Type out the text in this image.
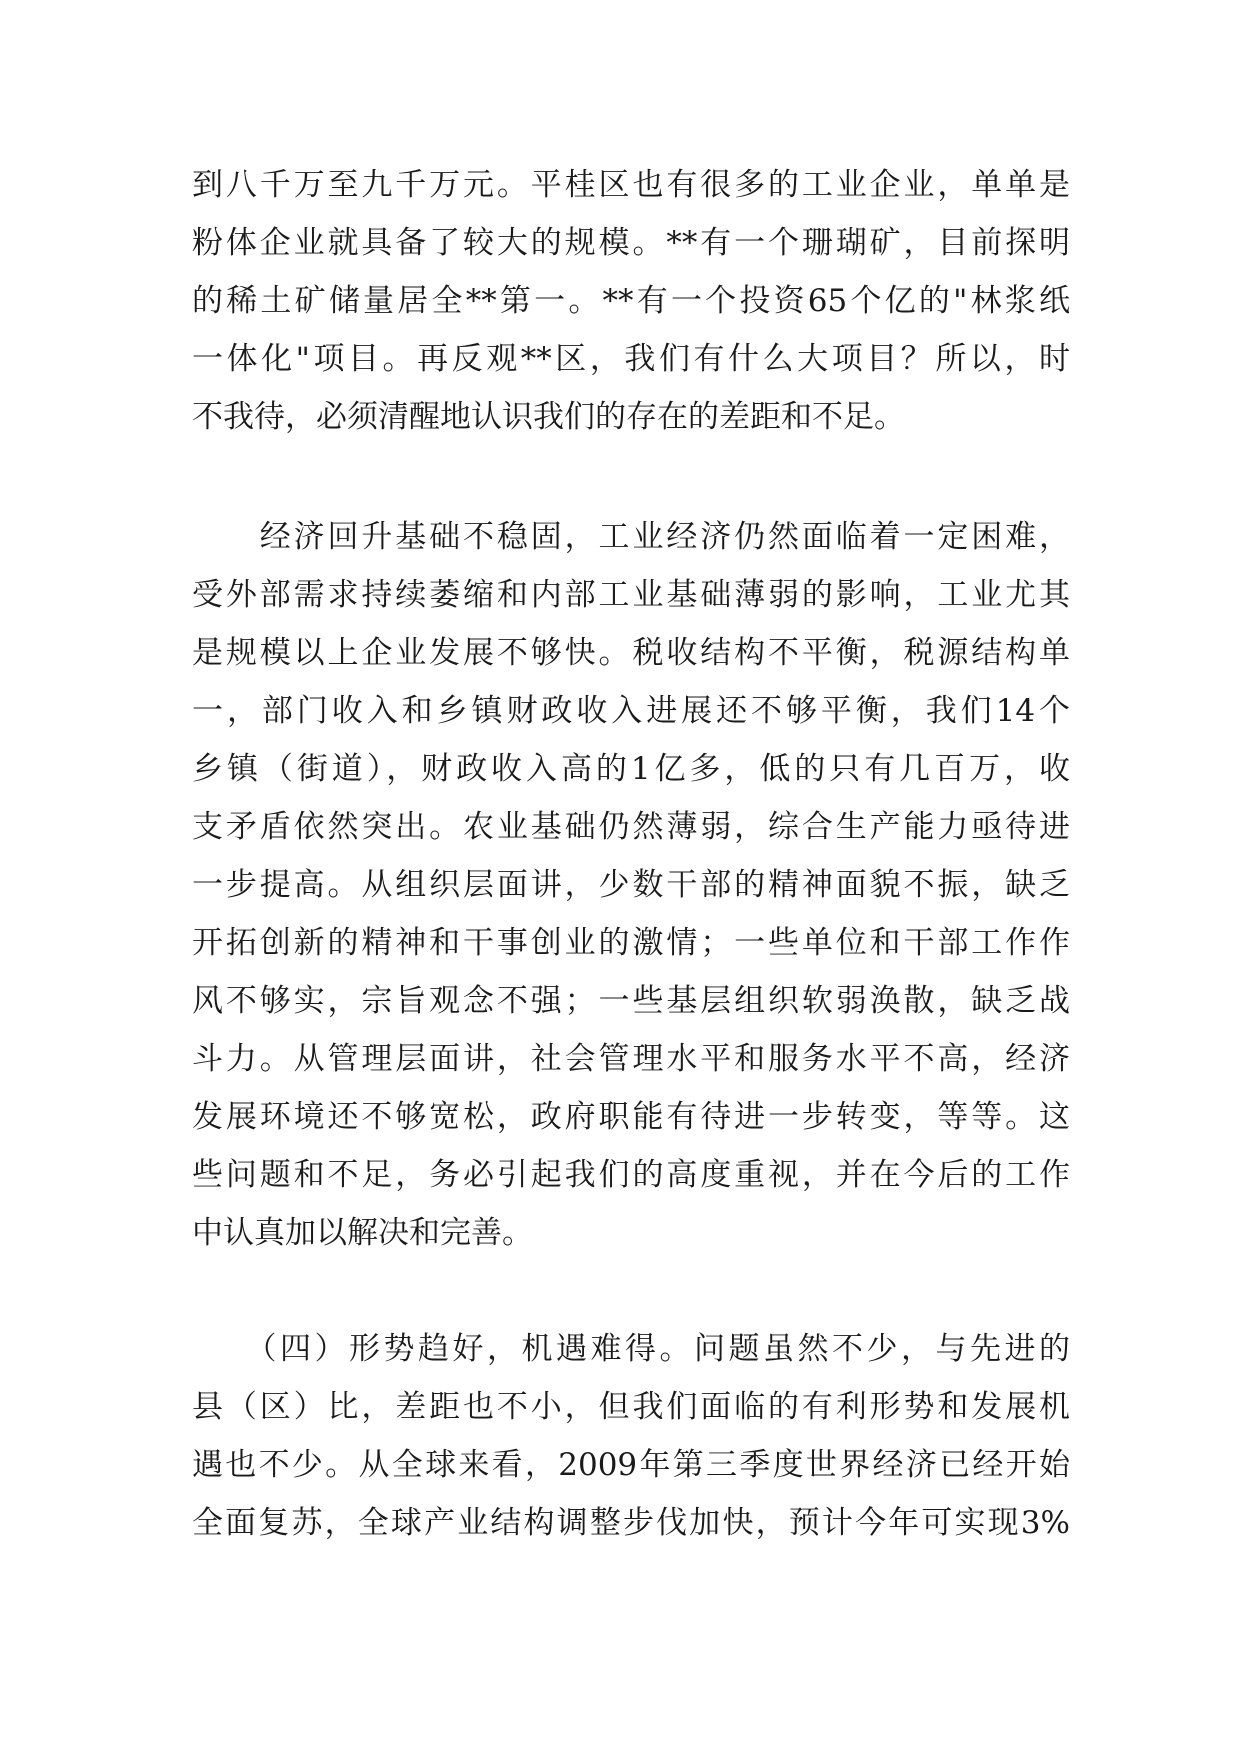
到八千万至九千万元。平桂区也有很多的工业企业，单单是
粉体企业就具备了较大的规模。**有一个珊瑚矿，目前探明
的稀土矿储量居全**第一。**有一个投资65个亿的"林浆纸
一体化"项目。再反观**区，我们有什么大项目？所以，时
不我待，必须清醒地认识我们的存在的差距和不足。
　　经济回升基础不稳固，工业经济仍然面临着一定困难，
受外部需求持续萎缩和内部工业基础薄弱的影响，工业尤其
是规模以上企业发展不够快。税收结构不平衡，税源结构单
一，部门收入和乡镇财政收入进展还不够平衡，我们14个
乡镇（街道），财政收入高的1亿多，低的只有几百万，收
支矛盾依然突出。农业基础仍然薄弱，综合生产能力亟待进
一步提高。从组织层面讲，少数干部的精神面貌不振，缺乏
开拓创新的精神和干事创业的激情；一些单位和干部工作作
风不够实，宗旨观念不强；一些基层组织软弱涣散，缺乏战
斗力。从管理层面讲，社会管理水平和服务水平不高，经济
发展环境还不够宽松，政府职能有待进一步转变，等等。这
些问题和不足，务必引起我们的高度重视，并在今后的工作
中认真加以解决和完善。
　　（四）形势趋好，机遇难得。问题虽然不少，与先进的
县（区）比，差距也不小，但我们面临的有利形势和发展机
遇也不少。从全球来看，2009年第三季度世界经济已经开始
全面复苏，全球产业结构调整步伐加快，预计今年可实现3%
